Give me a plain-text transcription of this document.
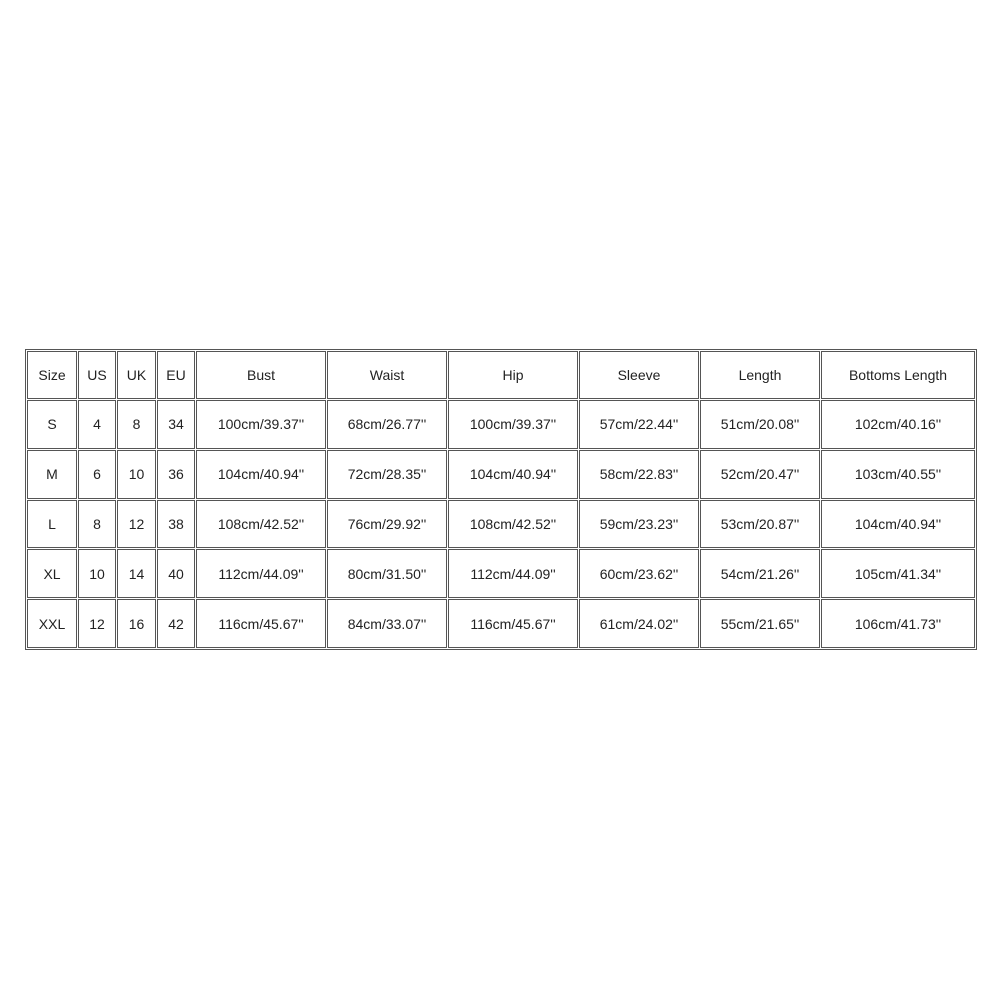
Size	US	UK	EU	Bust	Waist	Hip	Sleeve	Length	Bottoms Length
S	4	8	34	100cm/39.37''	68cm/26.77''	100cm/39.37''	57cm/22.44''	51cm/20.08''	102cm/40.16''
M	6	10	36	104cm/40.94''	72cm/28.35''	104cm/40.94''	58cm/22.83''	52cm/20.47''	103cm/40.55''
L	8	12	38	108cm/42.52''	76cm/29.92''	108cm/42.52''	59cm/23.23''	53cm/20.87''	104cm/40.94''
XL	10	14	40	112cm/44.09''	80cm/31.50''	112cm/44.09''	60cm/23.62''	54cm/21.26''	105cm/41.34''
XXL	12	16	42	116cm/45.67''	84cm/33.07''	116cm/45.67''	61cm/24.02''	55cm/21.65''	106cm/41.73''
